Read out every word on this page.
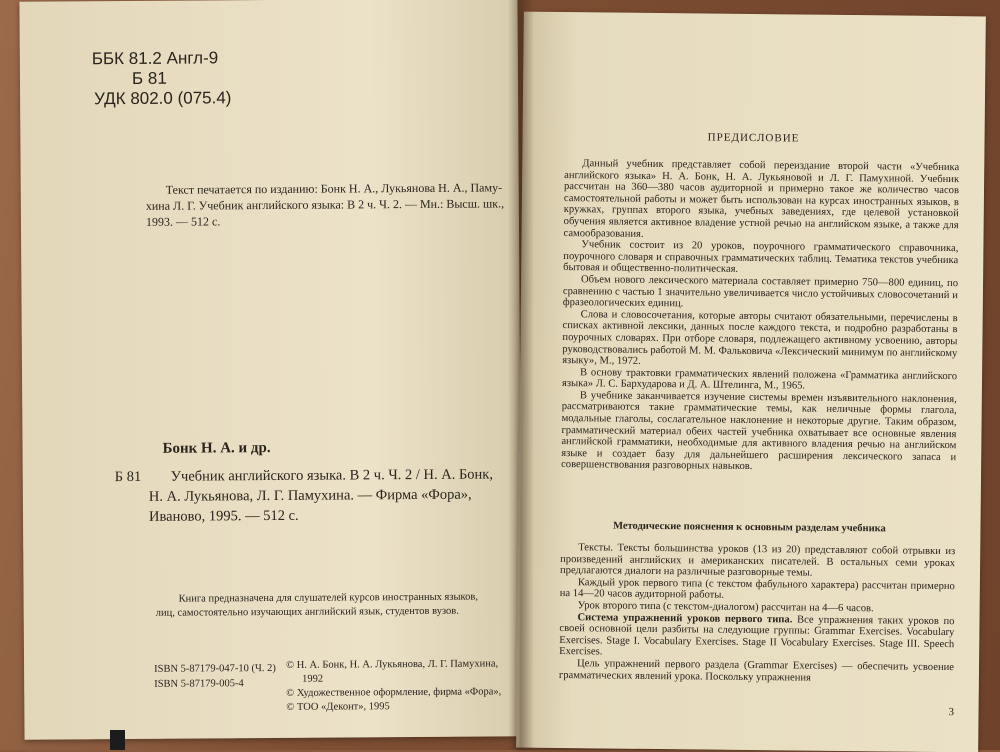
ББК 81.2 Англ-9
Б 81
УДК 802.0 (075.4)
Текст печатается по изданию: Бонк Н. А., Лукьянова Н. А., Паму-
хина Л. Г. Учебник английского языка: В 2 ч. Ч. 2. — Мн.: Высш. шк.,
1993. — 512 с.
Бонк Н. А. и др.
Б 81 Учебник английского языка. В 2 ч. Ч. 2 / Н. А. Бонк,
Н. А. Лукьянова, Л. Г. Памухина. — Фирма «Фора»,
Иваново, 1995. — 512 с.
Книга предназначена для слушателей курсов иностранных языков,
лиц, самостоятельно изучающих английский язык, студентов вузов.
ISBN 5-87179-047-10 (Ч. 2)
ISBN 5-87179-005-4
© Н. А. Бонк, Н. А. Лукьянова, Л. Г. Памухина,
1992
© Художественное оформление, фирма «Фора»,
© ТОО «Деконт», 1995
ПРЕДИСЛОВИЕ

Данный учебник представляет собой переиздание второй части «Учебника английского языка» Н. А. Бонк, Н. А. Лукьяновой и Л. Г. Памухиной. Учебник рассчитан на 360—380 часов аудиторной и примерно такое же количество часов самостоятельной работы и может быть использован на курсах иностранных языков, в кружках, группах второго языка, учебных заведениях, где целевой установкой обучения является активное владение устной речью на английском языке, а также для самообразования.

Учебник состоит из 20 уроков, поурочного грамматического справочника, поурочного словаря и справочных грамматических таблиц. Тематика текстов учебника бытовая и общественно-политическая.

Объем нового лексического материала составляет примерно 750—800 единиц, по сравнению с частью 1 значительно увеличивается число устойчивых словосочетаний и фразеологических единиц.

Слова и словосочетания, которые авторы считают обязательными, перечислены в списках активной лексики, данных после каждого текста, и подробно разработаны в поурочных словарях. При отборе словаря, подлежащего активному усвоению, авторы руководствовались работой М. М. Фальковича «Лексический минимум по английскому языку», М., 1972.

В основу трактовки грамматических явлений положена «Грамматика английского языка» Л. С. Бархударова и Д. А. Штелинга, М., 1965.

В учебнике заканчивается изучение системы времен изъявительного наклонения, рассматриваются такие грамматические темы, как неличные формы глагола, модальные глаголы, сослагательное наклонение и некоторые другие. Таким образом, грамматический материал обеих частей учебника охватывает все основные явления английской грамматики, необходимые для активного владения речью на английском языке и создает базу для дальнейшего расширения лексического запаса и совершенствования разговорных навыков.

Методические пояснения к основным разделам учебника

Тексты. Тексты большинства уроков (13 из 20) представляют собой отрывки из произведений английских и американских писателей. В остальных семи уроках предлагаются диалоги на различные разговорные темы.

Каждый урок первого типа (с текстом фабульного характера) рассчитан примерно на 14—20 часов аудиторной работы.

Урок второго типа (с текстом-диалогом) рассчитан на 4—6 часов.

Система упражнений уроков первого типа. Все упражнения таких уроков по своей основной цели разбиты на следующие группы: Grammar Exercises. Vocabulary Exercises. Stage I. Vocabulary Exercises. Stage II Vocabulary Exercises. Stage III. Speech Exercises.

Цель упражнений первого раздела (Grammar Exercises) — обеспечить усвоение грамматических явлений урока. Поскольку упражнения

3
